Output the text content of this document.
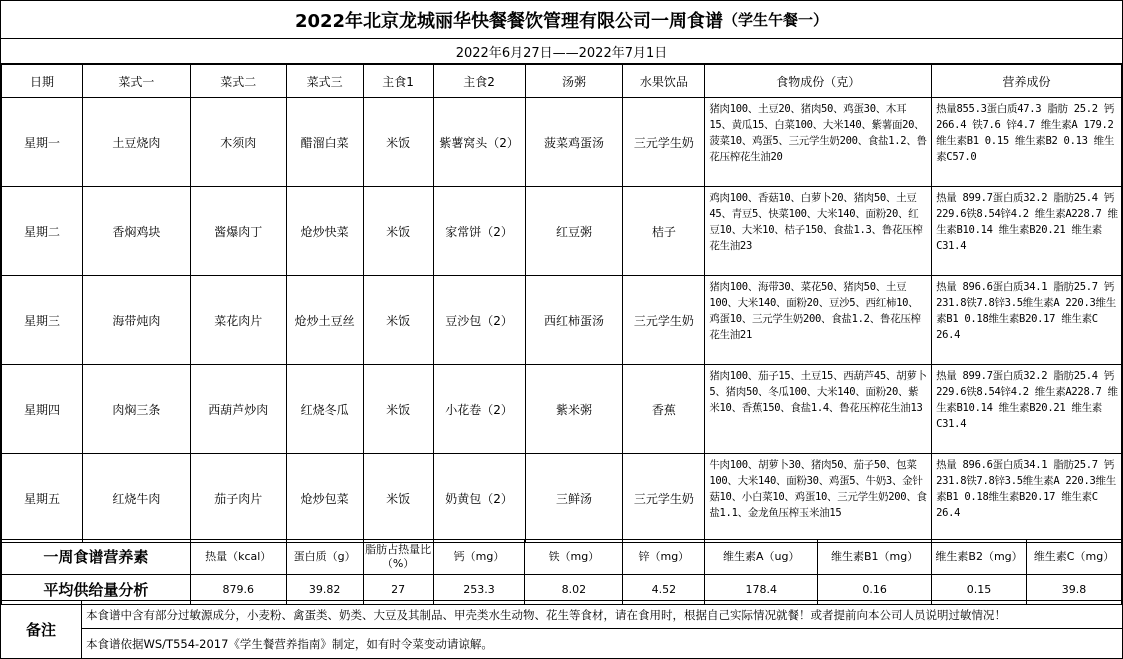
2022年北京龙城丽华快餐餐饮管理有限公司一周食谱 （学生午餐一）
2022年6月27日——2022年7月1日
日期	菜式一	菜式二	菜式三	主食1	主食2	汤粥	水果饮品	食物成份（克）	营养成份
星期一	土豆烧肉	木须肉	醋溜白菜	米饭	紫薯窝头（2）	菠菜鸡蛋汤	三元学生奶	猪肉100、土豆20、猪肉50、鸡蛋30、木耳15、黄瓜15、白菜100、大米140、紫薯面20、菠菜10、鸡蛋5、三元学生奶200、食盐1.2、鲁花压榨花生油20	热量855.3蛋白质47.3 脂肪 25.2 钙 266.4 铁7.6 锌4.7 维生素A 179.2 维生素B1 0.15 维生素B2 0.13 维生素C57.0
星期二	香焖鸡块	酱爆肉丁	炝炒快菜	米饭	家常饼（2）	红豆粥	桔子	鸡肉100、香菇10、白萝卜20、猪肉50、土豆45、青豆5、快菜100、大米140、面粉20、红豆10、大米10、桔子150、食盐1.3、鲁花压榨花生油23	热量 899.7蛋白质32.2 脂肪25.4 钙229.6铁8.54锌4.2 维生素A228.7 维生素B10.14 维生素B20.21 维生素C31.4
星期三	海带炖肉	菜花肉片	炝炒土豆丝	米饭	豆沙包（2）	西红柿蛋汤	三元学生奶	猪肉100、海带30、菜花50、猪肉50、土豆100、大米140、面粉20、豆沙5、西红柿10、鸡蛋10、三元学生奶200、食盐1.2、鲁花压榨花生油21	热量 896.6蛋白质34.1 脂肪25.7 钙231.8铁7.8锌3.5维生素A 220.3维生素B1 0.18维生素B20.17 维生素C 26.4
星期四	肉焖三条	西葫芦炒肉	红烧冬瓜	米饭	小花卷（2）	紫米粥	香蕉	猪肉100、茄子15、土豆15、西葫芦45、胡萝卜5、猪肉50、冬瓜100、大米140、面粉20、紫米10、香蕉150、食盐1.4、鲁花压榨花生油13	热量 899.7蛋白质32.2 脂肪25.4 钙229.6铁8.54锌4.2 维生素A228.7 维生素B10.14 维生素B20.21 维生素C31.4
星期五	红烧牛肉	茄子肉片	炝炒包菜	米饭	奶黄包（2）	三鲜汤	三元学生奶	牛肉100、胡萝卜30、猪肉50、茄子50、包菜100、大米140、面粉30、鸡蛋5、牛奶3、金针菇10、小白菜10、鸡蛋10、三元学生奶200、食盐1.1、金龙鱼压榨玉米油15	热量 896.6蛋白质34.1 脂肪25.7 钙231.8铁7.8锌3.5维生素A 220.3维生素B1 0.18维生素B20.17 维生素C 26.4
一周食谱营养素	热量（kcal）	蛋白质（g）	脂肪占热量比（%）	钙（mg）	铁（mg）	锌（mg）	维生素A（ug）	维生素B1（mg）	维生素B2（mg）	维生素C（mg）
平均供给量分析	879.6	39.82	27	253.3	8.02	4.52	178.4	0.16	0.15	39.8
备注
本食谱中含有部分过敏源成分，小麦粉、禽蛋类、奶类、大豆及其制品、甲壳类水生动物、花生等食材，请在食用时，根据自己实际情况就餐！或者提前向本公司人员说明过敏情况！
本食谱依据WS/T554-2017《学生餐营养指南》制定，如有时令菜变动请谅解。
